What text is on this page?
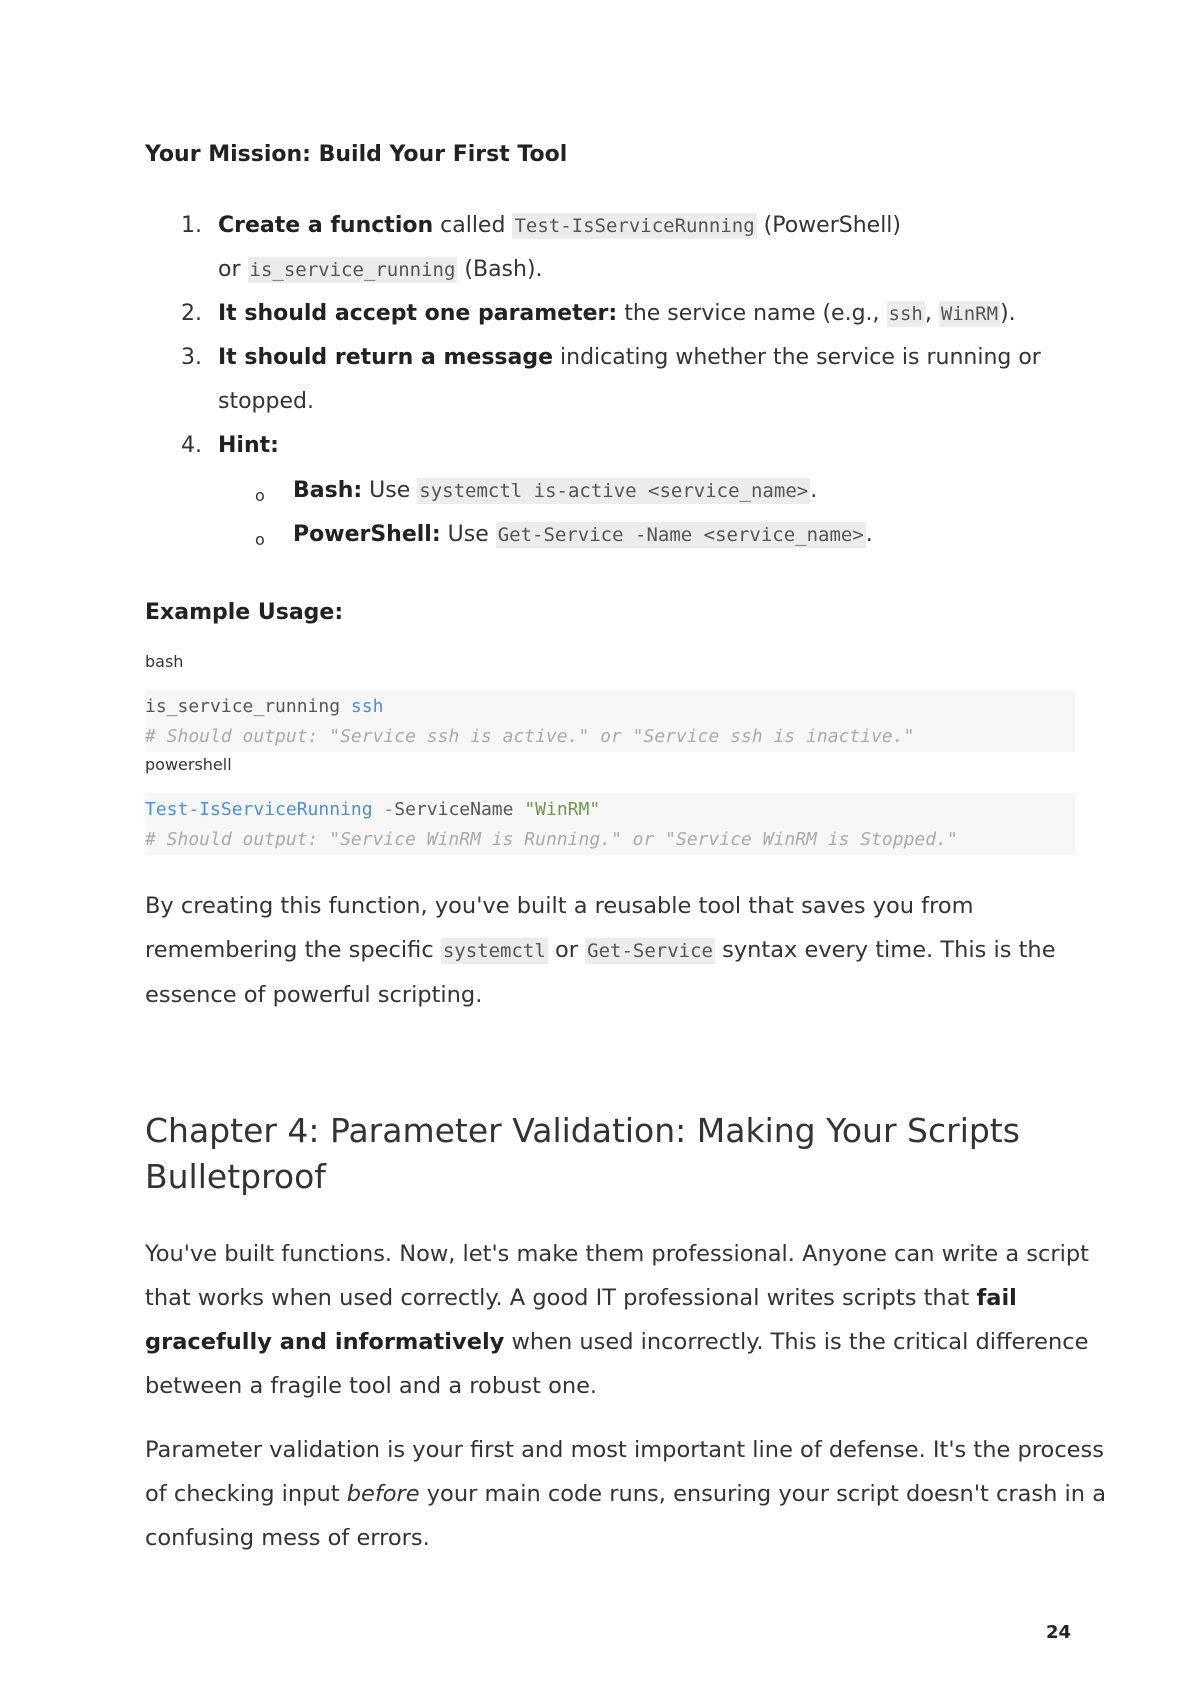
Your Mission: Build Your First Tool
1. Create a function called Test-IsServiceRunning (PowerShell)
or is_service_running (Bash).
2. It should accept one parameter: the service name (e.g., ssh, WinRM).
3. It should return a message indicating whether the service is running or
stopped.
4. Hint:
o Bash: Use systemctl is-active <service_name>.
o PowerShell: Use Get-Service -Name <service_name>.
Example Usage:
bash
is_service_running ssh
# Should output: "Service ssh is active." or "Service ssh is inactive."
powershell
Test-IsServiceRunning -ServiceName "WinRM"
# Should output: "Service WinRM is Running." or "Service WinRM is Stopped."
By creating this function, you've built a reusable tool that saves you from
remembering the specific systemctl or Get-Service syntax every time. This is the
essence of powerful scripting.
Chapter 4: Parameter Validation: Making Your Scripts
Bulletproof
You've built functions. Now, let's make them professional. Anyone can write a script
that works when used correctly. A good IT professional writes scripts that fail
gracefully and informatively when used incorrectly. This is the critical difference
between a fragile tool and a robust one.
Parameter validation is your first and most important line of defense. It's the process
of checking input before your main code runs, ensuring your script doesn't crash in a
confusing mess of errors.
24
